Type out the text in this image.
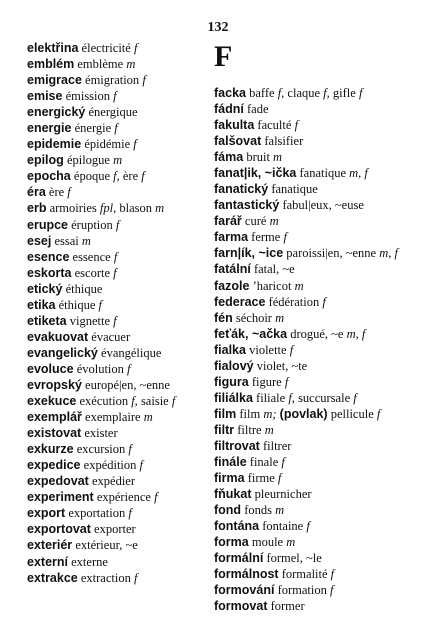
132
F
elektřina électricité f
emblém emblème m
emigrace émigration f
emise émission f
energický énergique
energie énergie f
epidemie épidémie f
epilog épilogue m
epocha époque f, ère f
éra ère f
erb armoiries fpl, blason m
erupce éruption f
esej essai m
esence essence f
eskorta escorte f
etický éthique
etika éthique f
etiketa vignette f
evakuovat évacuer
evangelický évangélique
evoluce évolution f
evropský europé|en, ~enne
exekuce exécution f, saisie f
exemplář exemplaire m
existovat exister
exkurze excursion f
expedice expédition f
expedovat expédier
experiment expérience f
export exportation f
exportovat exporter
exteriér extérieur, ~e
externí externe
extrakce extraction f
facka baffe f, claque f, gifle f
fádní fade
fakulta faculté f
falšovat falsifier
fáma bruit m
fanat|ik, ~ička fanatique m, f
fanatický fanatique
fantastický fabul|eux, ~euse
farář curé m
farma ferme f
farn|ík, ~ice paroissi|en, ~enne m, f
fatální fatal, ~e
fazole ’haricot m
federace fédération f
fén séchoir m
feťák, ~ačka drogué, ~e m, f
fialka violette f
fialový violet, ~te
figura figure f
filiálka filiale f, succursale f
film film m; (povlak) pellicule f
filtr filtre m
filtrovat filtrer
finále finale f
firma firme f
fňukat pleurnicher
fond fonds m
fontána fontaine f
forma moule m
formální formel, ~le
formálnost formalité f
formování formation f
formovat former
